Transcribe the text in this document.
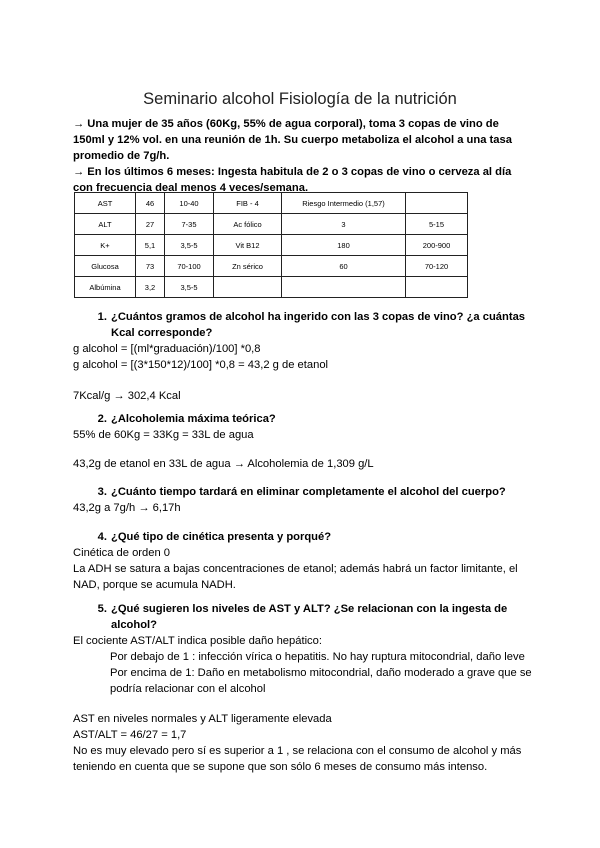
Seminario alcohol Fisiología de la nutrición

→ Una mujer de 35 años (60Kg, 55% de agua corporal), toma 3 copas de vino de

150ml y 12% vol. en una reunión de 1h. Su cuerpo metaboliza el alcohol a una tasa

promedio de 7g/h.

→ En los últimos 6 meses: Ingesta habitula de 2 o 3 copas de vino o cerveza al día

con frecuencia deal menos 4 veces/semana.

AST	46	10-40	FIB - 4	Riesgo Intermedio (1,57)	
ALT	27	7-35	Ac fólico	3	5-15
K+	5,1	3,5-5	Vit B12	180	200-900
Glucosa	73	70-100	Zn sérico	60	70-120
Albúmina	3,2	3,5-5			
1. ¿Cuántos gramos de alcohol ha ingerido con las 3 copas de vino? ¿a cuántas
Kcal corresponde?
g alcohol = [(ml*graduación)/100] *0,8
g alcohol = [(3*150*12)/100] *0,8 = 43,2 g de etanol
7Kcal/g → 302,4 Kcal
2. ¿Alcoholemia máxima teórica?
55% de 60Kg = 33Kg = 33L de agua
43,2g de etanol en 33L de agua → Alcoholemia de 1,309 g/L
3. ¿Cuánto tiempo tardará en eliminar completamente el alcohol del cuerpo?
43,2g a 7g/h → 6,17h
4. ¿Qué tipo de cinética presenta y porqué?
Cinética de orden 0
La ADH se satura a bajas concentraciones de etanol; además habrá un factor limitante, el
NAD, porque se acumula NADH.
5. ¿Qué sugieren los niveles de AST y ALT? ¿Se relacionan con la ingesta de
alcohol?
El cociente AST/ALT indica posible daño hepático:
Por debajo de 1 : infección vírica o hepatitis. No hay ruptura mitocondrial, daño leve
Por encima de 1: Daño en metabolismo mitocondrial, daño moderado a grave que se
podría relacionar con el alcohol
AST en niveles normales y ALT ligeramente elevada
AST/ALT = 46/27 = 1,7
No es muy elevado pero sí es superior a 1 , se relaciona con el consumo de alcohol y más
teniendo en cuenta que se supone que son sólo 6 meses de consumo más intenso.
